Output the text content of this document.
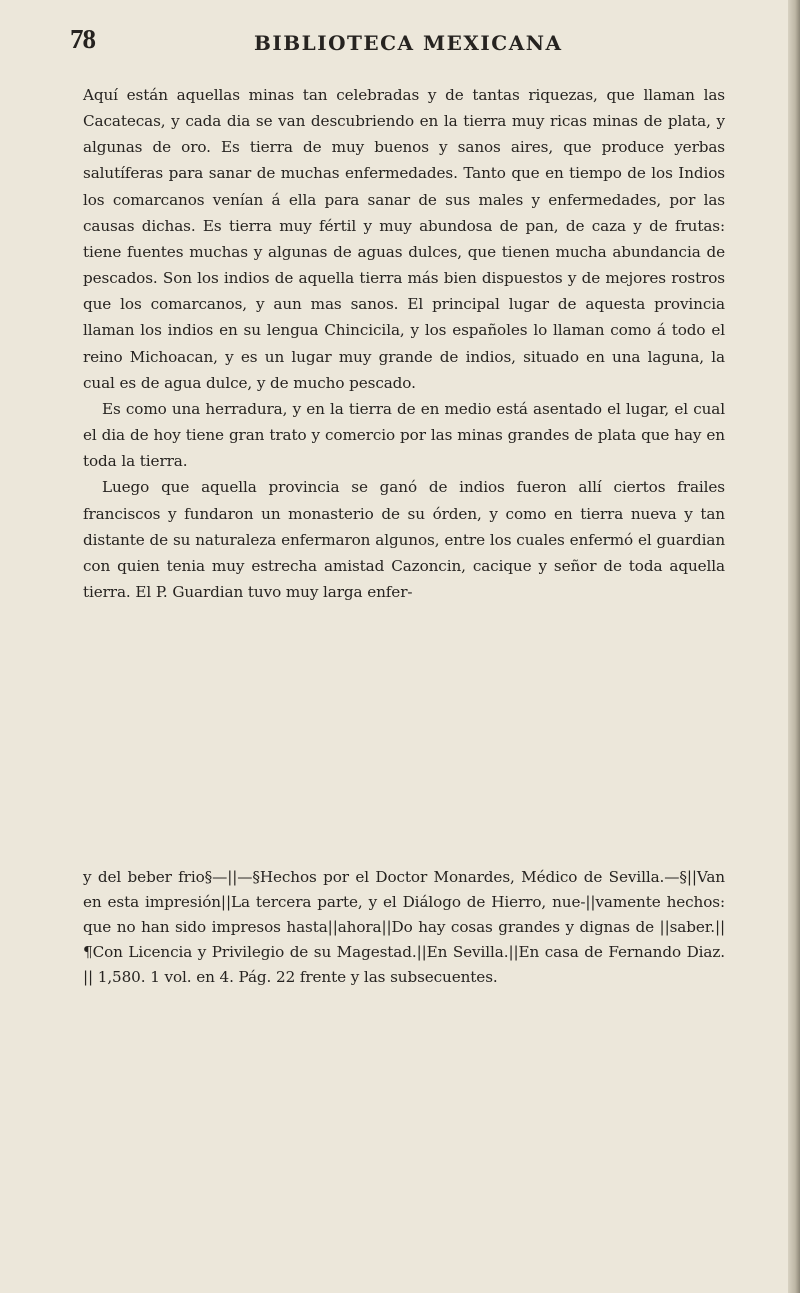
78	BIBLIOTECA MEXICANA

Aquí están aquellas minas tan celebradas y de tantas riquezas, que llaman las Cacatecas, y cada dia se van descubriendo en la tierra muy ricas minas de plata, y algunas de oro. Es tierra de muy buenos y sanos aires, que produce yerbas salutíferas para sanar de muchas enfermedades. Tanto que en tiempo de los Indios los comarcanos venían á ella para sanar de sus males y enfermedades, por las causas dichas. Es tierra muy fértil y muy abundosa de pan, de caza y de frutas: tiene fuentes muchas y algunas de aguas dulces, que tienen mucha abundancia de pescados. Son los indios de aquella tierra más bien dispuestos y de mejores rostros que los comarcanos, y aun mas sanos. El principal lugar de aquesta provincia llaman los indios en su lengua Chincicila, y los españoles lo llaman como á todo el reino Michoacan, y es un lugar muy grande de indios, situado en una laguna, la cual es de agua dulce, y de mucho pescado.

Es como una herradura, y en la tierra de en medio está asentado el lugar, el cual el dia de hoy tiene gran trato y comercio por las minas grandes de plata que hay en toda la tierra.

Luego que aquella provincia se ganó de indios fueron allí ciertos frailes franciscos y fundaron un monasterio de su órden, y como en tierra nueva y tan distante de su naturaleza enfermaron algunos, entre los cuales enfermó el guardian con quien tenia muy estrecha amistad Cazoncin, cacique y señor de toda aquella tierra. El P. Guardian tuvo muy larga enfer-

y del beber frio§—||—§Hechos por el Doctor Monardes, Médico de Sevilla.—§||Van en esta impresión||La tercera parte, y el Diálogo de Hierro, nue-||vamente hechos: que no han sido impresos hasta||ahora||Do hay cosas grandes y dignas de ||saber.|| ¶Con Licencia y Privilegio de su Magestad.||En Sevilla.||En casa de Fernando Diaz. || 1,580. 1 vol. en 4. Pág. 22 frente y las subsecuentes.
